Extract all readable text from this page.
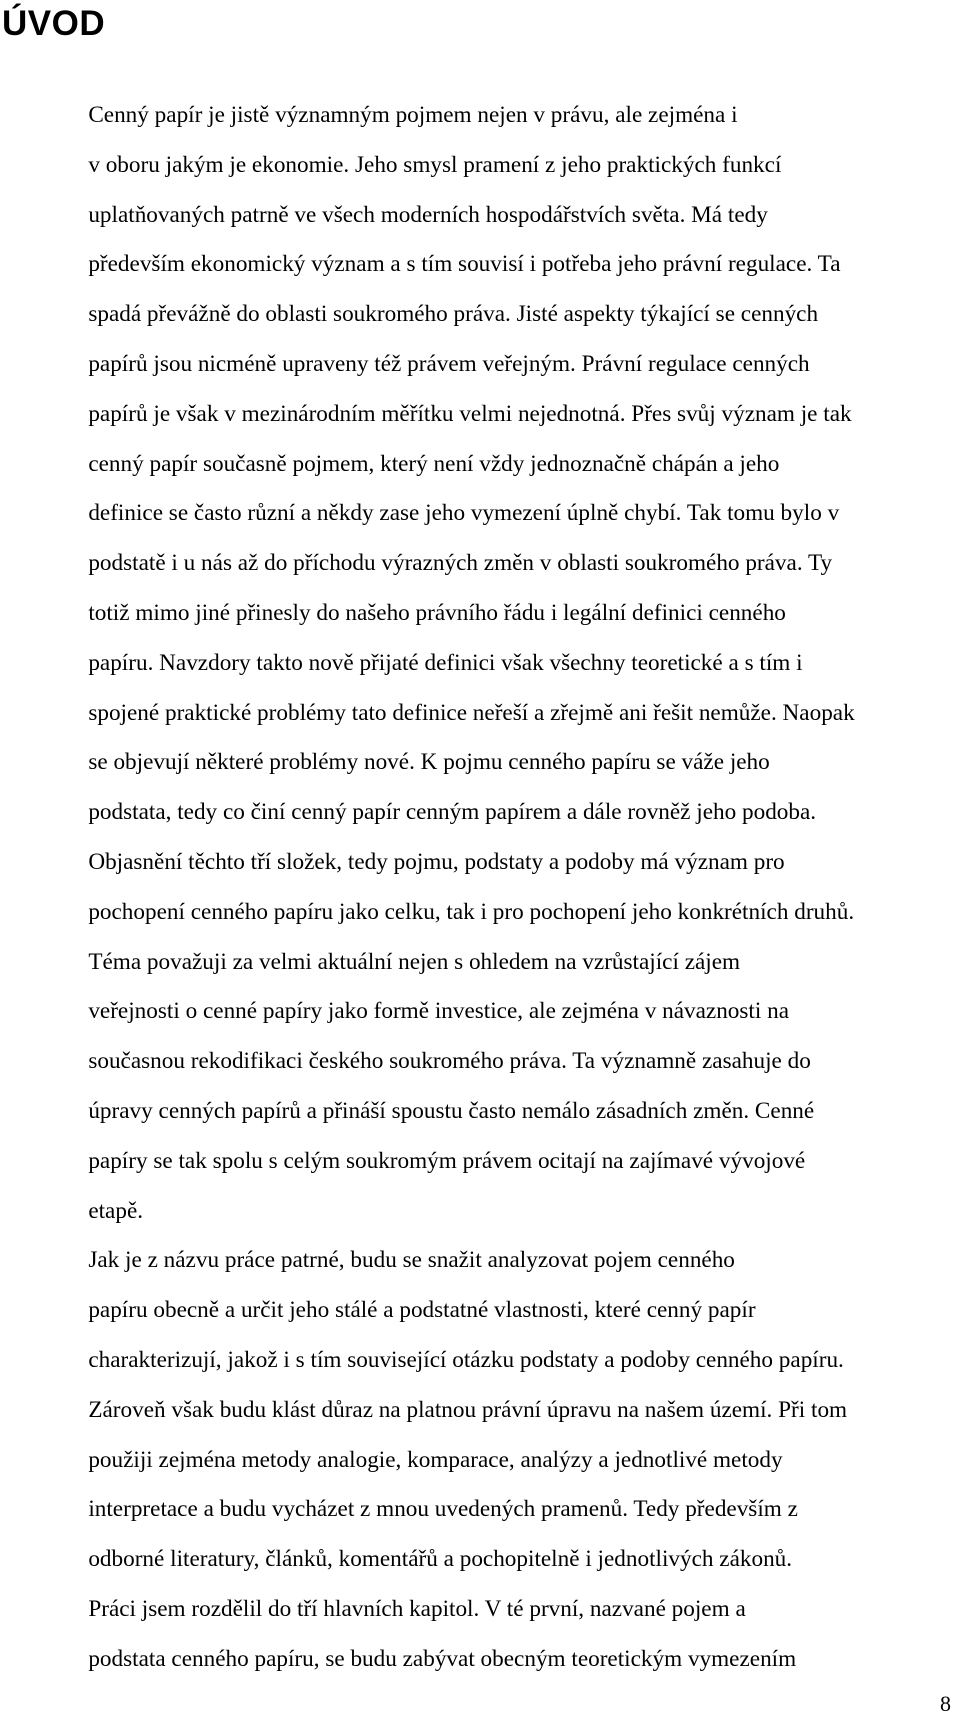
ÚVOD

Cenný papír je jistě významným pojmem nejen v právu, ale zejména i
v oboru jakým je ekonomie. Jeho smysl pramení z jeho praktických funkcí
uplatňovaných patrně ve všech moderních hospodářstvích světa. Má tedy
především ekonomický význam a s tím souvisí i potřeba jeho právní regulace. Ta
spadá převážně do oblasti soukromého práva. Jisté aspekty týkající se cenných
papírů jsou nicméně upraveny též právem veřejným. Právní regulace cenných
papírů je však v mezinárodním měřítku velmi nejednotná. Přes svůj význam je tak
cenný papír současně pojmem, který není vždy jednoznačně chápán a jeho
definice se často různí a někdy zase jeho vymezení úplně chybí. Tak tomu bylo v
podstatě i u nás až do příchodu výrazných změn v oblasti soukromého práva. Ty
totiž mimo jiné přinesly do našeho právního řádu i legální definici cenného
papíru. Navzdory takto nově přijaté definici však všechny teoretické a s tím i
spojené praktické problémy tato definice neřeší a zřejmě ani řešit nemůže. Naopak
se objevují některé problémy nové. K pojmu cenného papíru se váže jeho
podstata, tedy co činí cenný papír cenným papírem a dále rovněž jeho podoba.
Objasnění těchto tří složek, tedy pojmu, podstaty a podoby má význam pro
pochopení cenného papíru jako celku, tak i pro pochopení jeho konkrétních druhů.

Téma považuji za velmi aktuální nejen s ohledem na vzrůstající zájem
veřejnosti o cenné papíry jako formě investice, ale zejména v návaznosti na
současnou rekodifikaci českého soukromého práva. Ta významně zasahuje do
úpravy cenných papírů a přináší spoustu často nemálo zásadních změn. Cenné
papíry se tak spolu s celým soukromým právem ocitají na zajímavé vývojové
etapě.

Jak je z názvu práce patrné, budu se snažit analyzovat pojem cenného
papíru obecně a určit jeho stálé a podstatné vlastnosti, které cenný papír
charakterizují, jakož i s tím související otázku podstaty a podoby cenného papíru.
Zároveň však budu klást důraz na platnou právní úpravu na našem území. Při tom
použiji zejména metody analogie, komparace, analýzy a jednotlivé metody
interpretace a budu vycházet z mnou uvedených pramenů. Tedy především z
odborné literatury, článků, komentářů a pochopitelně i jednotlivých zákonů.

Práci jsem rozdělil do tří hlavních kapitol. V té první, nazvané pojem a
podstata cenného papíru, se budu zabývat obecným teoretickým vymezením

8
